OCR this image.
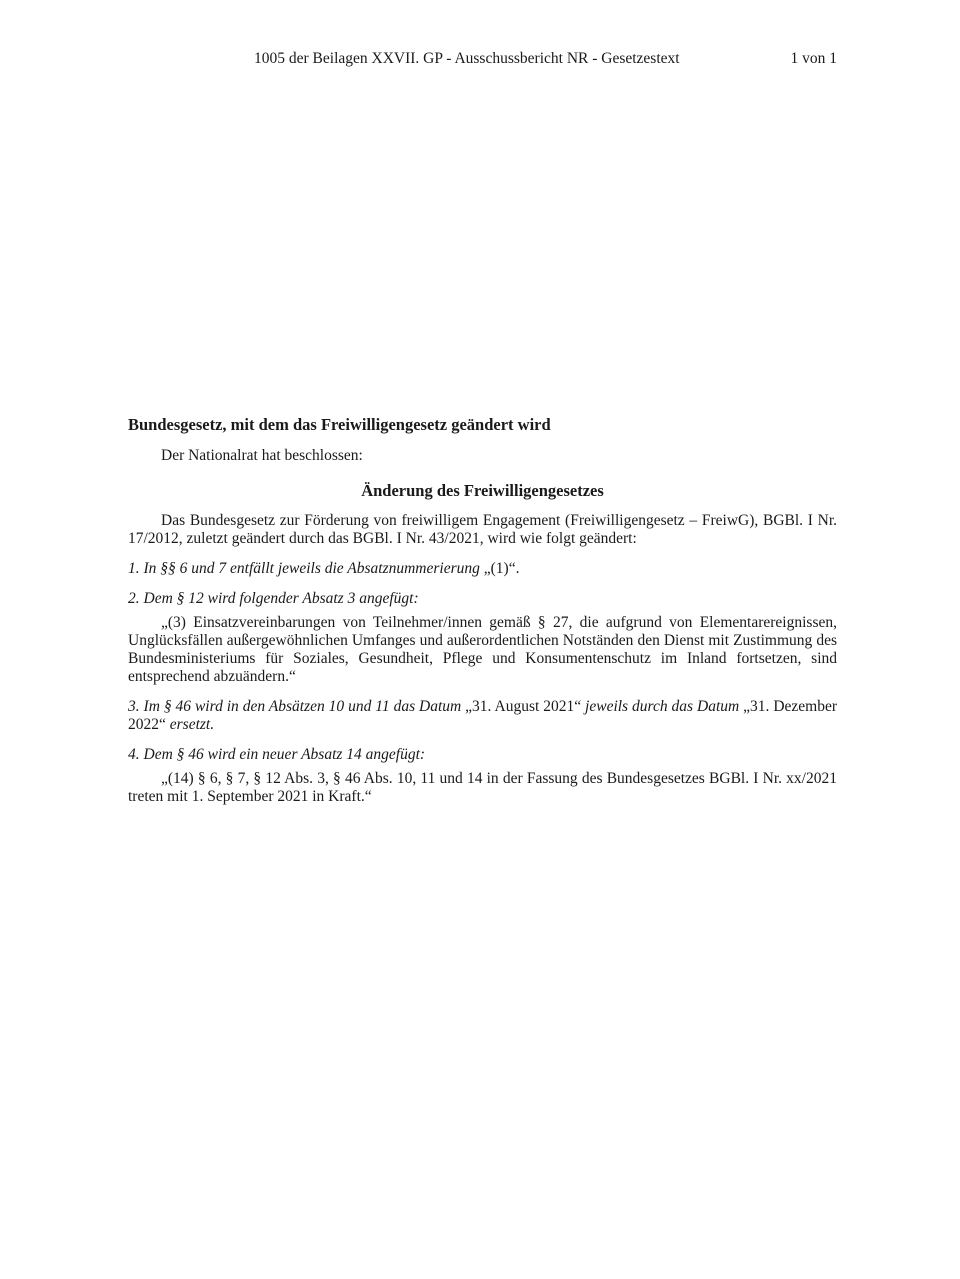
1005 der Beilagen XXVII. GP - Ausschussbericht NR - Gesetzestext	1 von 1

Bundesgesetz, mit dem das Freiwilligengesetz geändert wird

Der Nationalrat hat beschlossen:

Änderung des Freiwilligengesetzes

Das Bundesgesetz zur Förderung von freiwilligem Engagement (Freiwilligengesetz – FreiwG), BGBl. I Nr. 17/2012, zuletzt geändert durch das BGBl. I Nr. 43/2021, wird wie folgt geändert:

1. In §§ 6 und 7 entfällt jeweils die Absatznummerierung „(1)“.

2. Dem § 12 wird folgender Absatz 3 angefügt:

„(3) Einsatzvereinbarungen von Teilnehmer/innen gemäß § 27, die aufgrund von Elementarereignissen, Unglücksfällen außergewöhnlichen Umfanges und außerordentlichen Notständen den Dienst mit Zustimmung des Bundesministeriums für Soziales, Gesundheit, Pflege und Konsumentenschutz im Inland fortsetzen, sind entsprechend abzuändern.“

3. Im § 46 wird in den Absätzen 10 und 11 das Datum „31. August 2021“ jeweils durch das Datum „31. Dezember 2022“ ersetzt.

4. Dem § 46 wird ein neuer Absatz 14 angefügt:

„(14) § 6, § 7, § 12 Abs. 3, § 46 Abs. 10, 11 und 14 in der Fassung des Bundesgesetzes BGBl. I Nr. xx/2021 treten mit 1. September 2021 in Kraft.“
